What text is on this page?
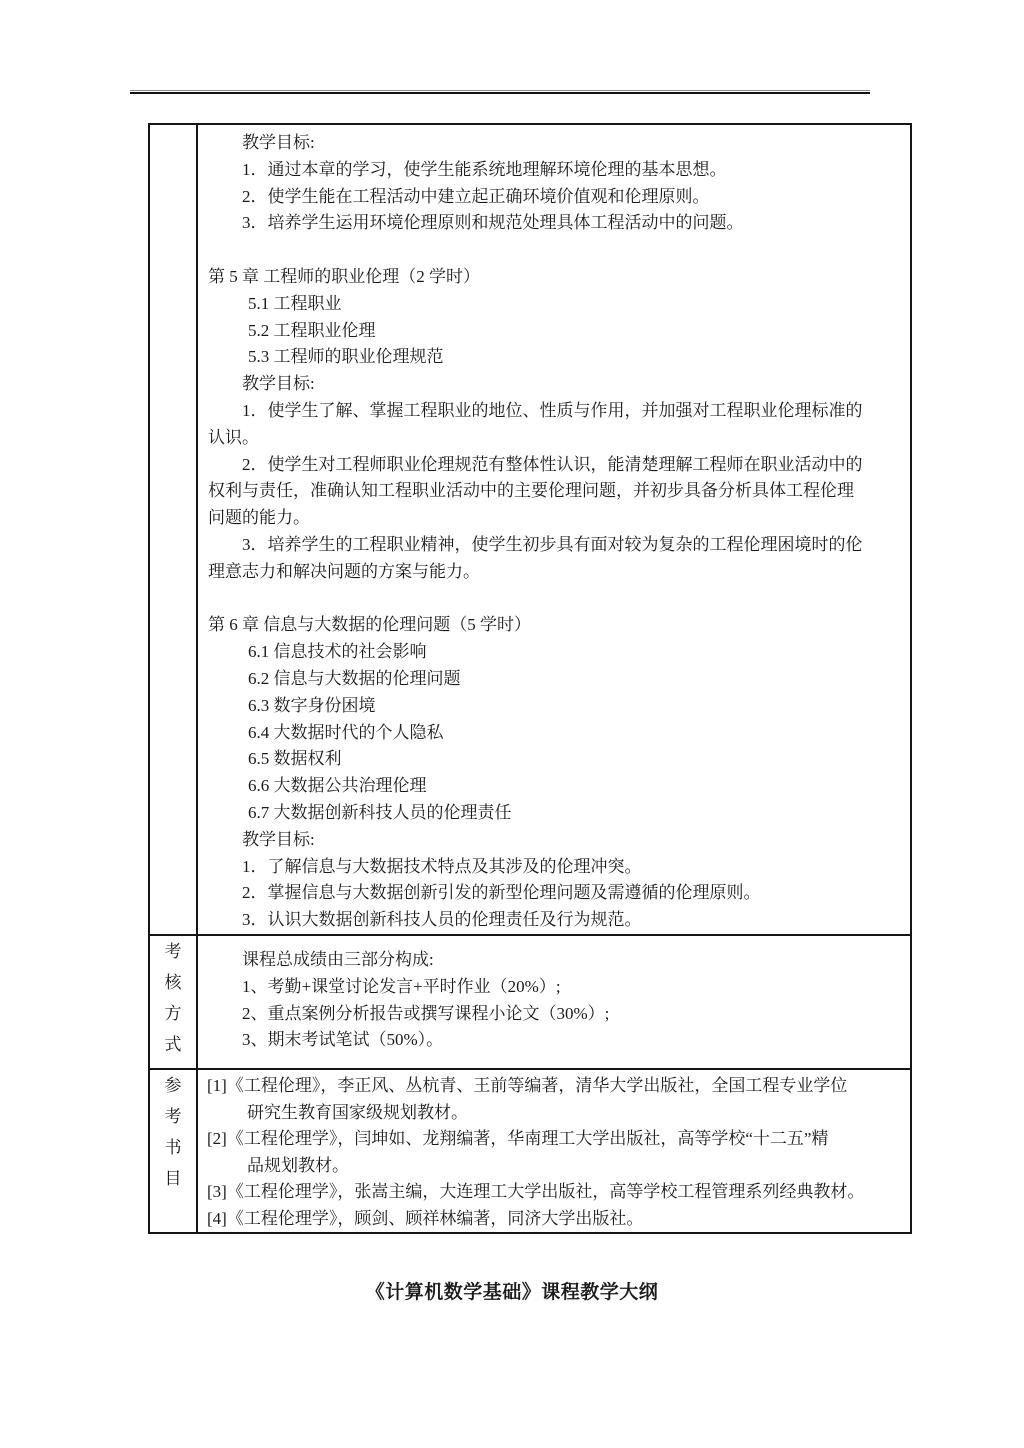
教学目标:
1．通过本章的学习，使学生能系统地理解环境伦理的基本思想。
2．使学生能在工程活动中建立起正确环境价值观和伦理原则。
3．培养学生运用环境伦理原则和规范处理具体工程活动中的问题。
第 5 章 工程师的职业伦理（2 学时）
5.1 工程职业
5.2 工程职业伦理
5.3 工程师的职业伦理规范
教学目标:
1．使学生了解、掌握工程职业的地位、性质与作用，并加强对工程职业伦理标准的
认识。
2．使学生对工程师职业伦理规范有整体性认识，能清楚理解工程师在职业活动中的
权利与责任，准确认知工程职业活动中的主要伦理问题，并初步具备分析具体工程伦理
问题的能力。
3．培养学生的工程职业精神，使学生初步具有面对较为复杂的工程伦理困境时的伦
理意志力和解决问题的方案与能力。
第 6 章 信息与大数据的伦理问题（5 学时）
6.1 信息技术的社会影响
6.2 信息与大数据的伦理问题
6.3 数字身份困境
6.4 大数据时代的个人隐私
6.5 数据权利
6.6 大数据公共治理伦理
6.7 大数据创新科技人员的伦理责任
教学目标:
1．了解信息与大数据技术特点及其涉及的伦理冲突。
2．掌握信息与大数据创新引发的新型伦理问题及需遵循的伦理原则。
3．认识大数据创新科技人员的伦理责任及行为规范。

考
核
方
式

课程总成绩由三部分构成:
1、考勤+课堂讨论发言+平时作业（20%）;
2、重点案例分析报告或撰写课程小论文（30%）;
3、期末考试笔试（50%）。

参
考
书
目

[1]《工程伦理》，李正风、丛杭青、王前等编著，清华大学出版社，全国工程专业学位
研究生教育国家级规划教材。
[2]《工程伦理学》，闫坤如、龙翔编著，华南理工大学出版社，高等学校“十二五”精
品规划教材。
[3]《工程伦理学》，张嵩主编，大连理工大学出版社，高等学校工程管理系列经典教材。
[4]《工程伦理学》，顾剑、顾祥林编著，同济大学出版社。
《计算机数学基础》课程教学大纲
